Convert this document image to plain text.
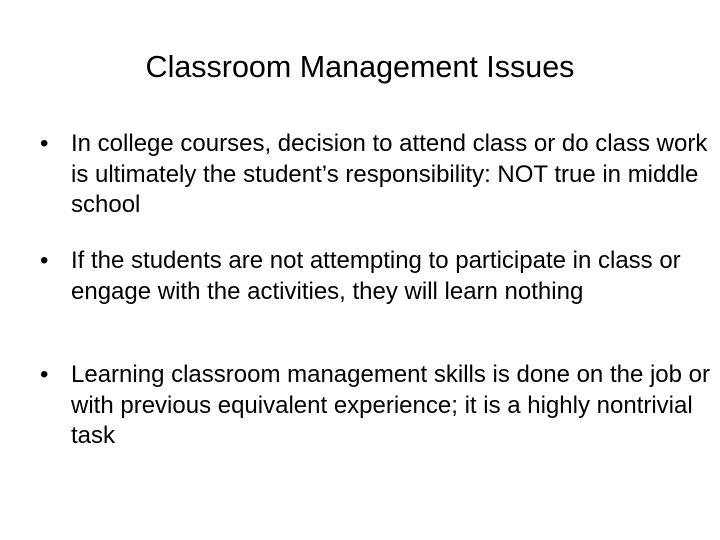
Classroom Management Issues
• In college courses, decision to attend class or do class work is ultimately the student’s responsibility: NOT true in middle school

• If the students are not attempting to participate in class or engage with the activities, they will learn nothing

• Learning classroom management skills is done on the job or with previous equivalent experience; it is a highly nontrivial task
